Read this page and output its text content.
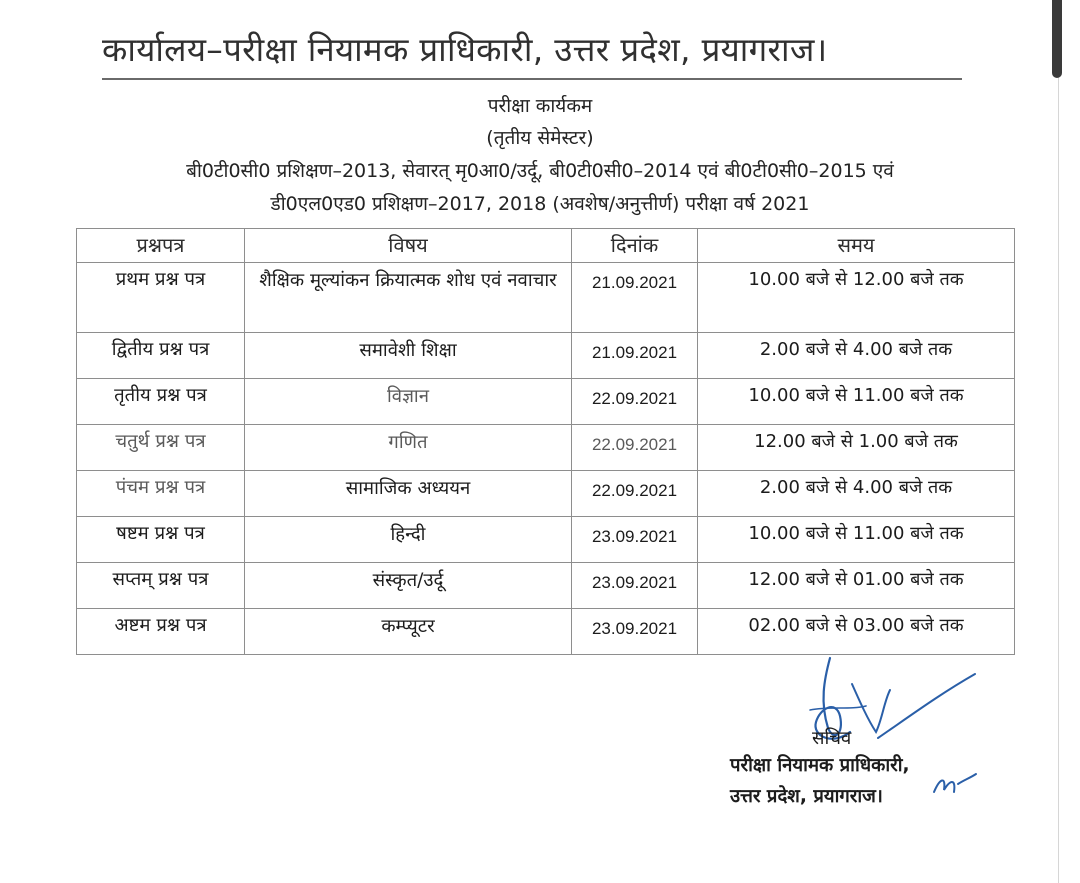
कार्यालय–परीक्षा नियामक प्राधिकारी, उत्तर प्रदेश, प्रयागराज।
परीक्षा कार्यकम
(तृतीय सेमेस्टर)
बी0टी0सी0 प्रशिक्षण–2013, सेवारत् मृ0आ0/उर्दू, बी0टी0सी0–2014 एवं बी0टी0सी0–2015 एवं
डी0एल0एड0 प्रशिक्षण–2017, 2018 (अवशेष/अनुत्तीर्ण) परीक्षा वर्ष 2021
प्रश्नपत्र	विषय	दिनांक	समय
प्रथम प्रश्न पत्र	शैक्षिक मूल्यांकन क्रियात्मक शोध एवं नवाचार	21.09.2021	10.00 बजे से 12.00 बजे तक
द्वितीय प्रश्न पत्र	समावेशी शिक्षा	21.09.2021	2.00 बजे से 4.00 बजे तक
तृतीय प्रश्न पत्र	विज्ञान	22.09.2021	10.00 बजे से 11.00 बजे तक
चतुर्थ प्रश्न पत्र	गणित	22.09.2021	12.00 बजे से 1.00 बजे तक
पंचम प्रश्न पत्र	सामाजिक अध्ययन	22.09.2021	2.00 बजे से 4.00 बजे तक
षष्टम प्रश्न पत्र	हिन्दी	23.09.2021	10.00 बजे से 11.00 बजे तक
सप्तम् प्रश्न पत्र	संस्कृत/उर्दू	23.09.2021	12.00 बजे से 01.00 बजे तक
अष्टम प्रश्न पत्र	कम्प्यूटर	23.09.2021	02.00 बजे से 03.00 बजे तक
सचिव
परीक्षा नियामक प्राधिकारी,
उत्तर प्रदेश, प्रयागराज।
